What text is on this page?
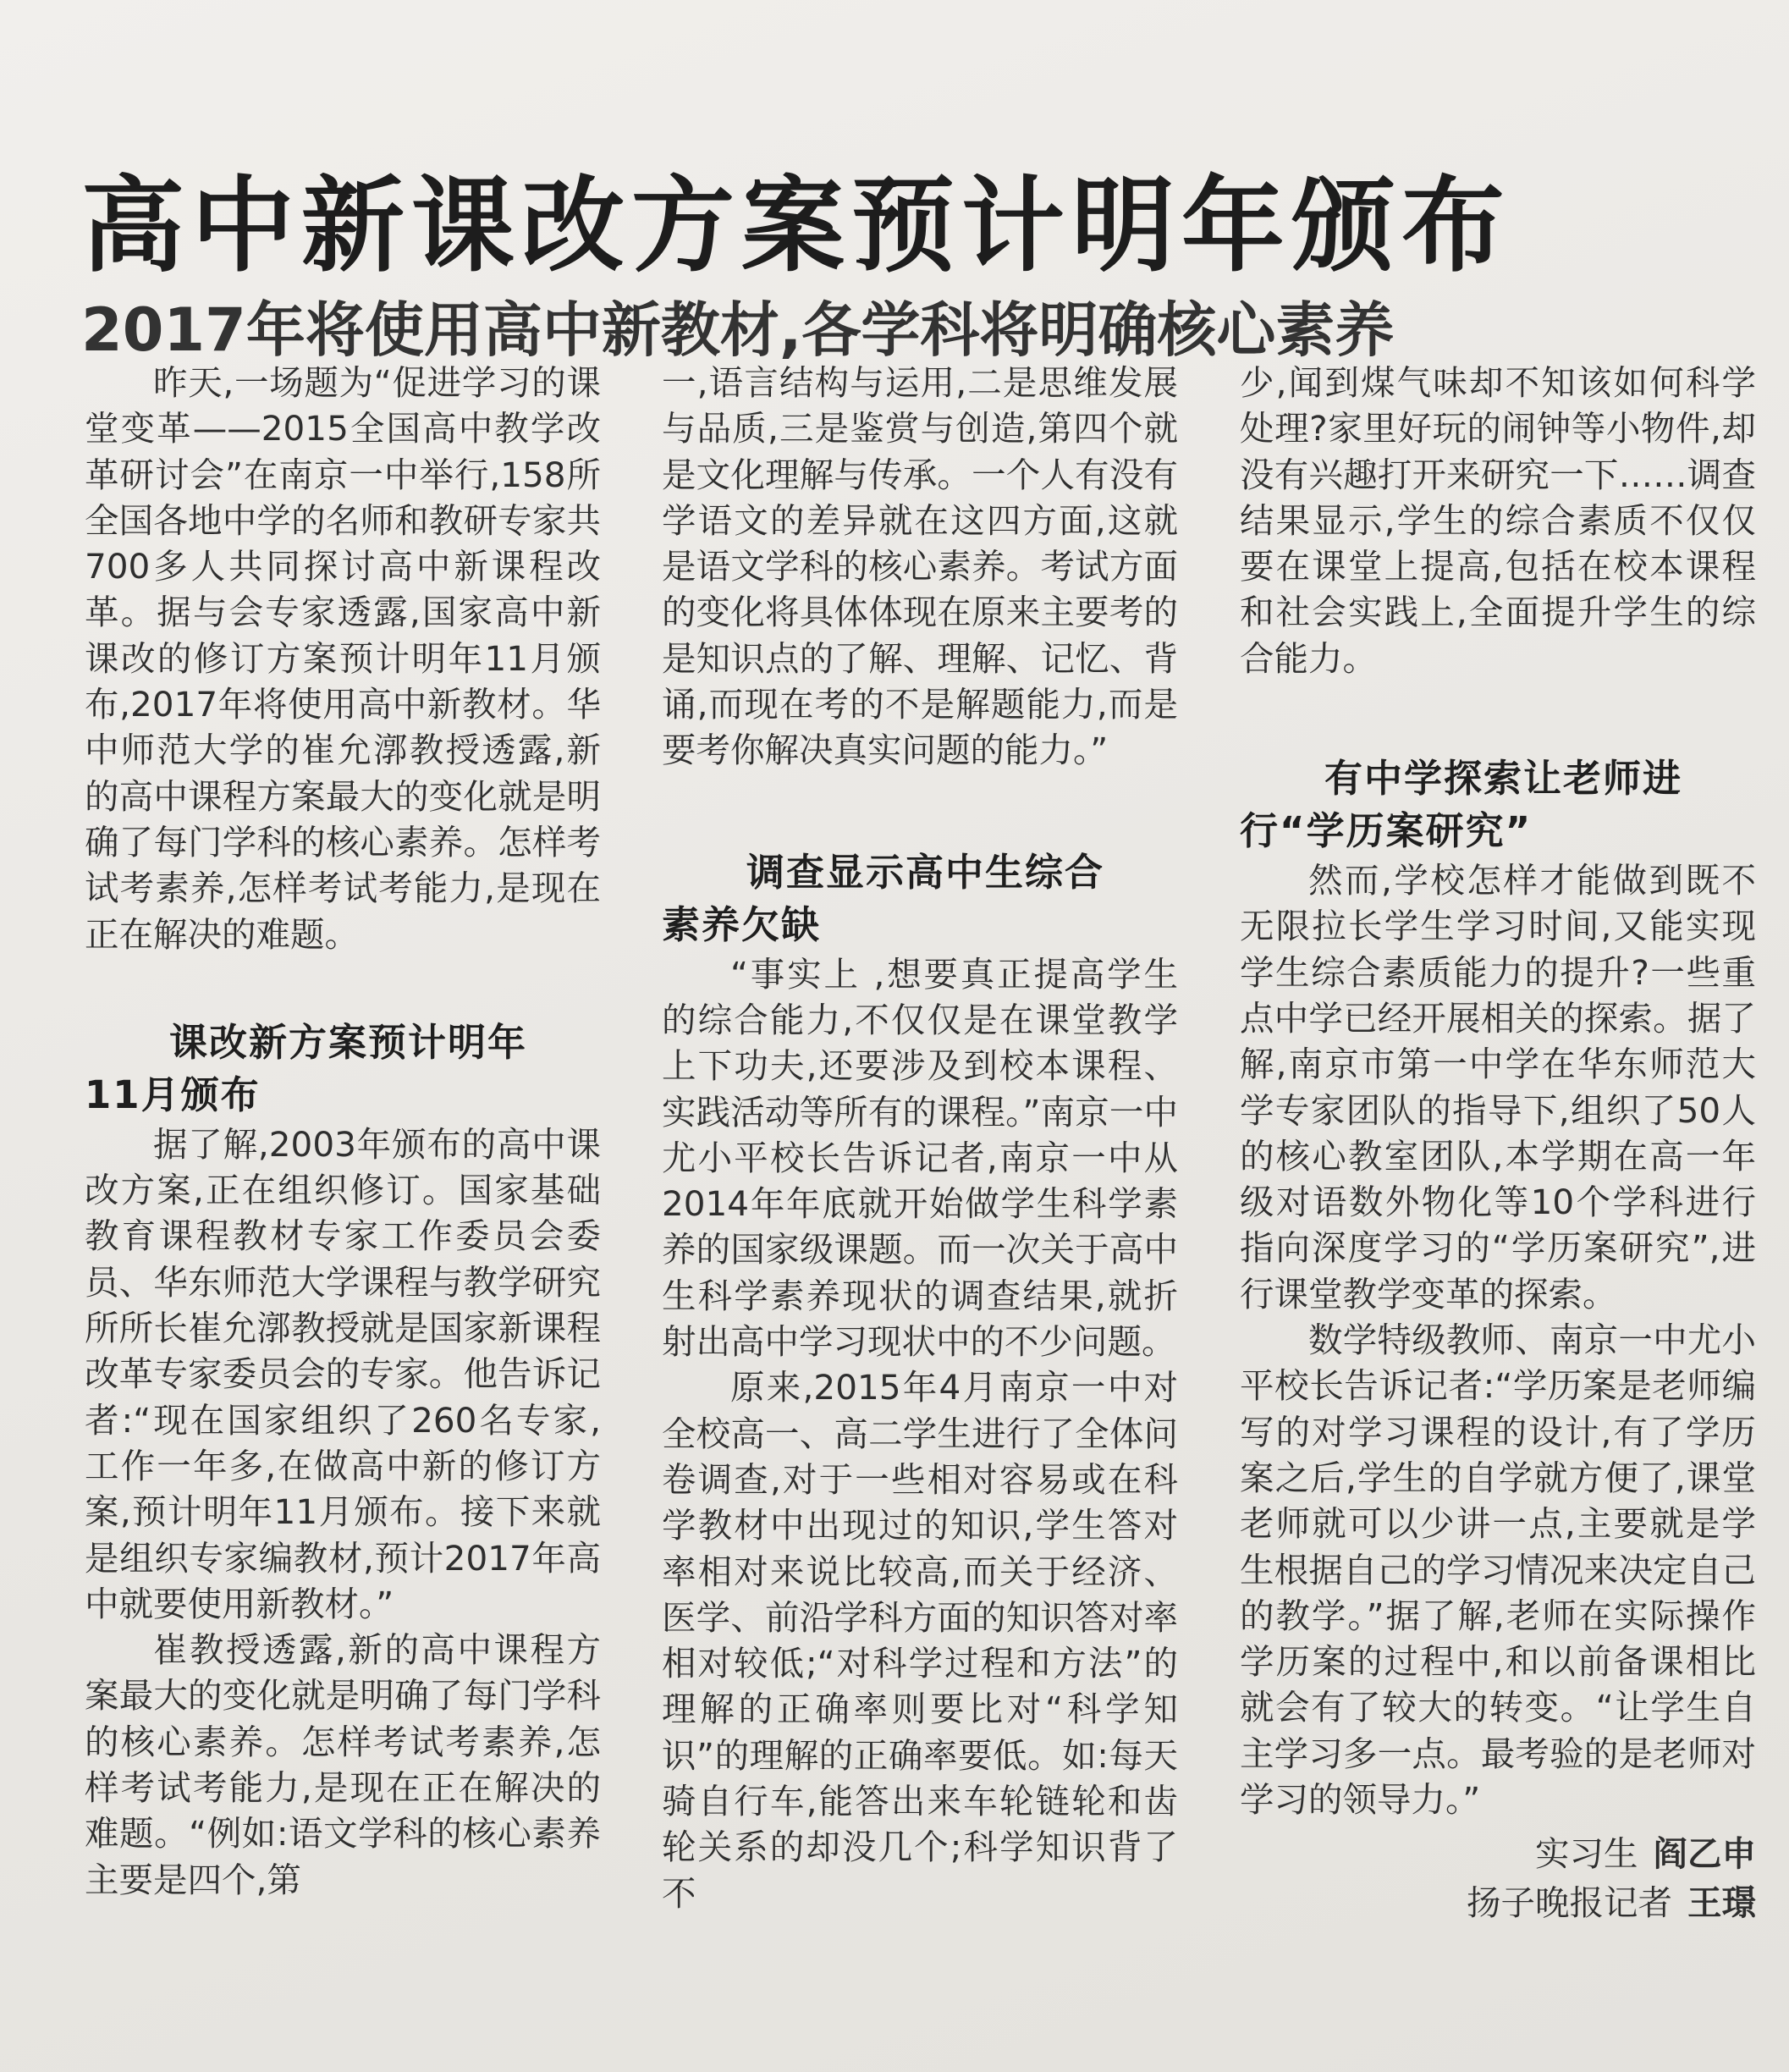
高中新课改方案预计明年颁布
2017年将使用高中新教材,各学科将明确核心素养

昨天,一场题为“促进学习的课堂变革——2015全国高中教学改革研讨会”在南京一中举行,158所全国各地中学的名师和教研专家共700多人共同探讨高中新课程改革。据与会专家透露,国家高中新课改的修订方案预计明年11月颁布,2017年将使用高中新教材。华中师范大学的崔允漷教授透露,新的高中课程方案最大的变化就是明确了每门学科的核心素养。怎样考试考素养,怎样考试考能力,是现在正在解决的难题。

课改新方案预计明年
11月颁布

据了解,2003年颁布的高中课改方案,正在组织修订。国家基础教育课程教材专家工作委员会委员、华东师范大学课程与教学研究所所长崔允漷教授就是国家新课程改革专家委员会的专家。他告诉记者:“现在国家组织了260名专家,工作一年多,在做高中新的修订方案,预计明年11月颁布。接下来就是组织专家编教材,预计2017年高中就要使用新教材。”

崔教授透露,新的高中课程方案最大的变化就是明确了每门学科的核心素养。怎样考试考素养,怎样考试考能力,是现在正在解决的难题。“例如:语文学科的核心素养主要是四个,第

一,语言结构与运用,二是思维发展与品质,三是鉴赏与创造,第四个就是文化理解与传承。一个人有没有学语文的差异就在这四方面,这就是语文学科的核心素养。考试方面的变化将具体体现在原来主要考的是知识点的了解、理解、记忆、背诵,而现在考的不是解题能力,而是要考你解决真实问题的能力。”

调查显示高中生综合
素养欠缺

“事实上 ,想要真正提高学生的综合能力,不仅仅是在课堂教学上下功夫,还要涉及到校本课程、实践活动等所有的课程。”南京一中尤小平校长告诉记者,南京一中从2014年年底就开始做学生科学素养的国家级课题。而一次关于高中生科学素养现状的调查结果,就折射出高中学习现状中的不少问题。

原来,2015年4月南京一中对全校高一、高二学生进行了全体问卷调查,对于一些相对容易或在科学教材中出现过的知识,学生答对率相对来说比较高,而关于经济、医学、前沿学科方面的知识答对率相对较低;“对科学过程和方法”的理解的正确率则要比对“科学知识”的理解的正确率要低。如:每天骑自行车,能答出来车轮链轮和齿轮关系的却没几个;科学知识背了不

少,闻到煤气味却不知该如何科学处理?家里好玩的闹钟等小物件,却没有兴趣打开来研究一下……调查结果显示,学生的综合素质不仅仅要在课堂上提高,包括在校本课程和社会实践上,全面提升学生的综合能力。

有中学探索让老师进
行“学历案研究”

然而,学校怎样才能做到既不无限拉长学生学习时间,又能实现学生综合素质能力的提升?一些重点中学已经开展相关的探索。据了解,南京市第一中学在华东师范大学专家团队的指导下,组织了50人的核心教室团队,本学期在高一年级对语数外物化等10个学科进行指向深度学习的“学历案研究”,进行课堂教学变革的探索。

数学特级教师、南京一中尤小平校长告诉记者:“学历案是老师编写的对学习课程的设计,有了学历案之后,学生的自学就方便了,课堂老师就可以少讲一点,主要就是学生根据自己的学习情况来决定自己的教学。”据了解,老师在实际操作学历案的过程中,和以前备课相比就会有了较大的转变。“让学生自主学习多一点。最考验的是老师对学习的领导力。”

实习生 阎乙申
扬子晚报记者 王璟
